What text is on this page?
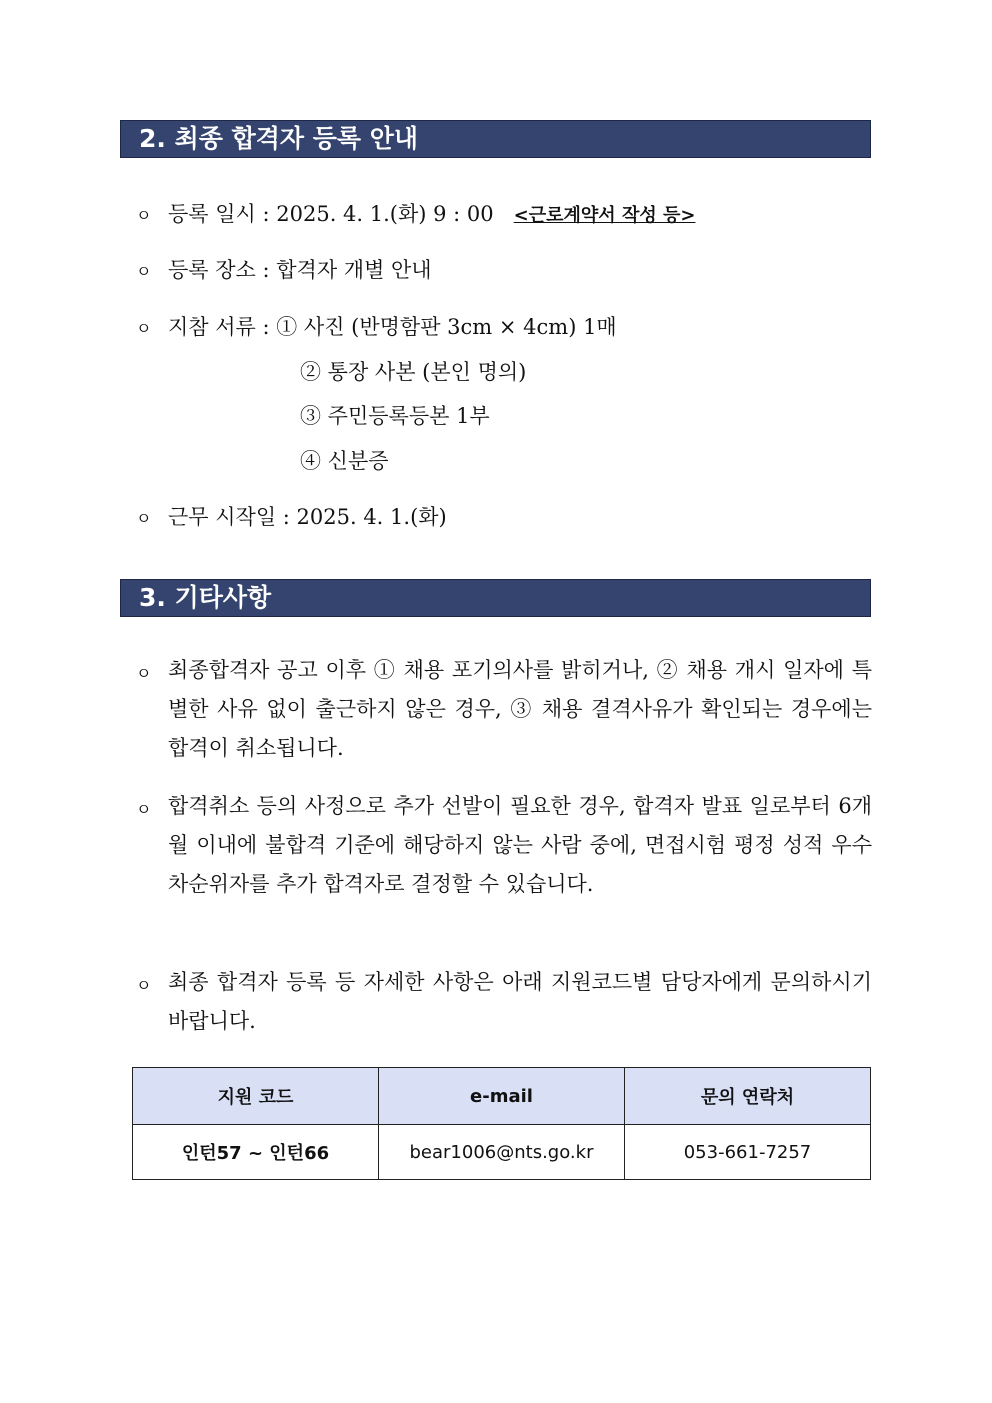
2. 최종 합격자 등록 안내
ㅇ 등록 일시 : 2025. 4. 1.(화) 9 : 00 <근로계약서 작성 등>
ㅇ 등록 장소 : 합격자 개별 안내
ㅇ 지참 서류 : ① 사진 (반명함판 3cm × 4cm) 1매
② 통장 사본 (본인 명의)
③ 주민등록등본 1부
④ 신분증
ㅇ 근무 시작일 : 2025. 4. 1.(화)
3. 기타사항
ㅇ 최종합격자 공고 이후 ① 채용 포기의사를 밝히거나, ② 채용 개시 일자에 특별한 사유 없이 출근하지 않은 경우, ③ 채용 결격사유가 확인되는 경우에는 합격이 취소됩니다.
ㅇ 합격취소 등의 사정으로 추가 선발이 필요한 경우, 합격자 발표 일로부터 6개월 이내에 불합격 기준에 해당하지 않는 사람 중에, 면접시험 평정 성적 우수 차순위자를 추가 합격자로 결정할 수 있습니다.
ㅇ 최종 합격자 등록 등 자세한 사항은 아래 지원코드별 담당자에게 문의하시기 바랍니다.
지원 코드	e-mail	문의 연락처
인턴57 ~ 인턴66	bear1006@nts.go.kr	053-661-7257
